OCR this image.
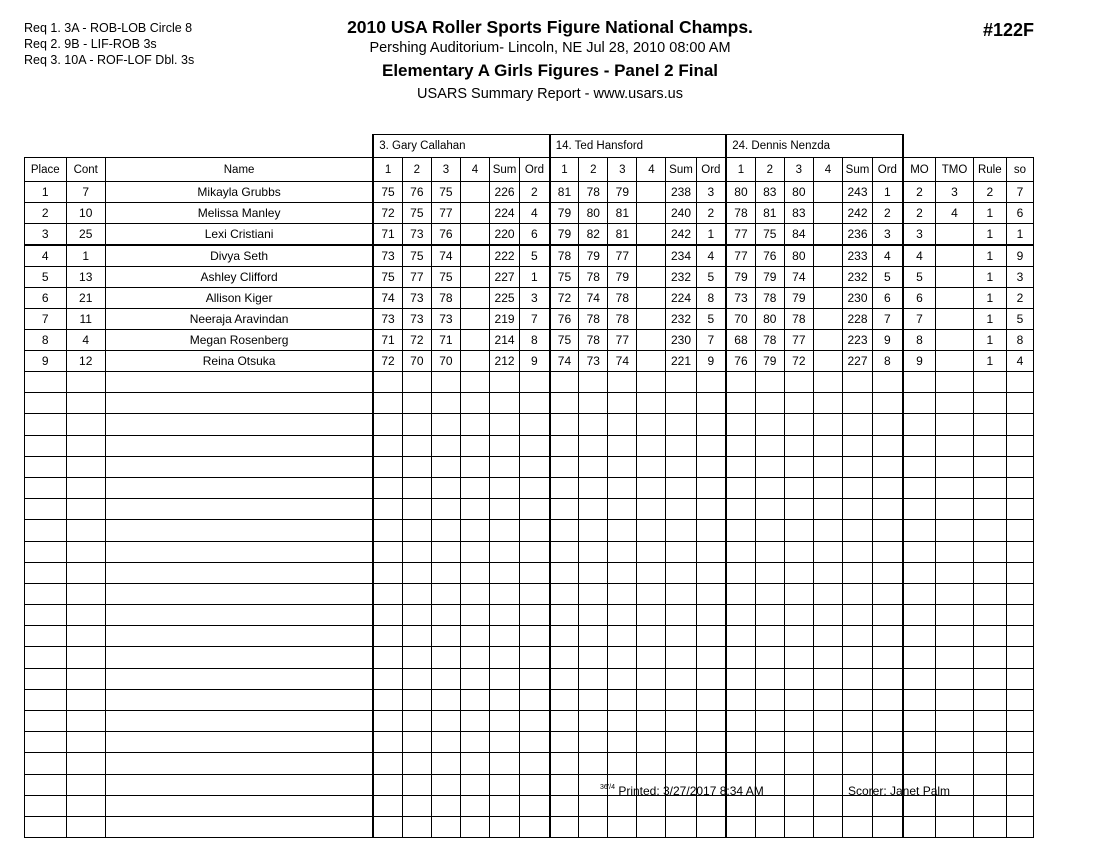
Req 1. 3A - ROB-LOB Circle 8
Req 2. 9B - LIF-ROB 3s
Req 3. 10A - ROF-LOF Dbl. 3s
2010 USA Roller Sports Figure National Champs.
Pershing Auditorium- Lincoln, NE Jul 28, 2010 08:00 AM
Elementary A Girls Figures - Panel 2 Final
USARS Summary Report - www.usars.us
#122F
			3. Gary Callahan						14. Ted Hansford						24. Dennis Nenzda									
Place	Cont	Name	1	2	3	4	Sum	Ord	1	2	3	4	Sum	Ord	1	2	3	4	Sum	Ord	MO	TMO	Rule	so
1	7	Mikayla Grubbs	75	76	75		226	2	81	78	79		238	3	80	83	80		243	1	2	3	2	7
2	10	Melissa Manley	72	75	77		224	4	79	80	81		240	2	78	81	83		242	2	2	4	1	6
3	25	Lexi Cristiani	71	73	76		220	6	79	82	81		242	1	77	75	84		236	3	3		1	1
4	1	Divya Seth	73	75	74		222	5	78	79	77		234	4	77	76	80		233	4	4		1	9
5	13	Ashley Clifford	75	77	75		227	1	75	78	79		232	5	79	79	74		232	5	5		1	3
6	21	Allison Kiger	74	73	78		225	3	72	74	78		224	8	73	78	79		230	6	6		1	2
7	11	Neeraja Aravindan	73	73	73		219	7	76	78	78		232	5	70	80	78		228	7	7		1	5
8	4	Megan Rosenberg	71	72	71		214	8	75	78	77		230	7	68	78	77		223	9	8		1	8
9	12	Reina Otsuka	72	70	70		212	9	74	73	74		221	9	76	79	72		227	8	9		1	4

$^{36'/4}$ Printed: 3/27/2017 8:34 AM	Scorer: Janet Palm
